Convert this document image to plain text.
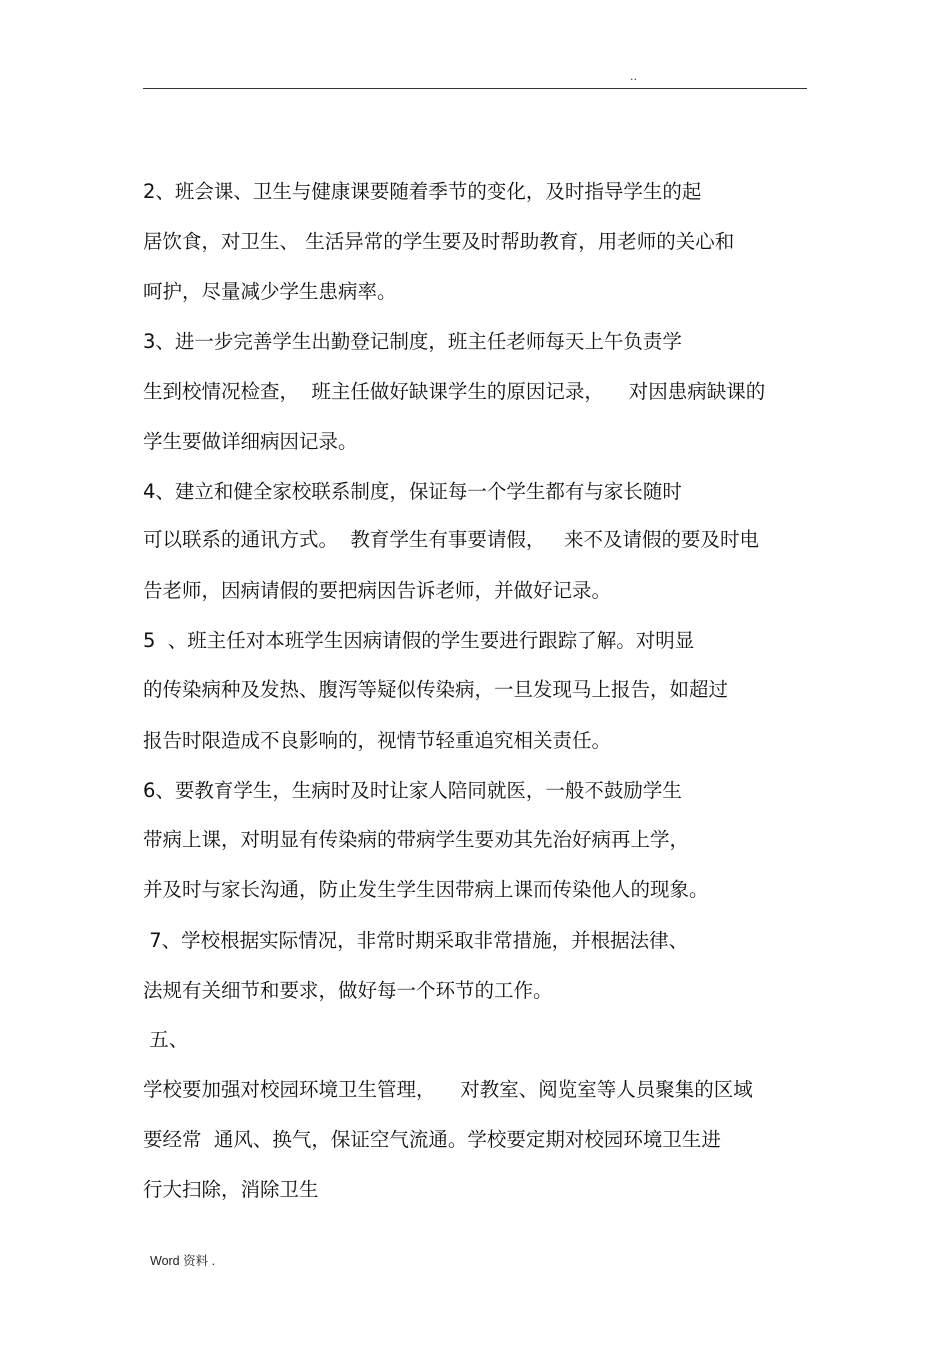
..
2、班会课、卫生与健康课要随着季节的变化，及时指导学生的起
居饮食，对卫生、 生活异常的学生要及时帮助教育，用老师的关心和
呵护，尽量减少学生患病率。
3、进一步完善学生出勤登记制度，班主任老师每天上午负责学
生到校情况检查，  班主任做好缺课学生的原因记录，    对因患病缺课的
学生要做详细病因记录。
4、建立和健全家校联系制度，保证每一个学生都有与家长随时
可以联系的通讯方式。  教育学生有事要请假，   来不及请假的要及时电
告老师，因病请假的要把病因告诉老师，并做好记录。
5  、班主任对本班学生因病请假的学生要进行跟踪了解。对明显
的传染病种及发热、腹泻等疑似传染病，一旦发现马上报告，如超过
报告时限造成不良影响的，视情节轻重追究相关责任。
6、要教育学生，生病时及时让家人陪同就医，一般不鼓励学生
带病上课，对明显有传染病的带病学生要劝其先治好病再上学，
并及时与家长沟通，防止发生学生因带病上课而传染他人的现象。
7、学校根据实际情况，非常时期采取非常措施，并根据法律、
法规有关细节和要求，做好每一个环节的工作。
五、
学校要加强对校园环境卫生管理，    对教室、阅览室等人员聚集的区域
要经常  通风、换气，保证空气流通。学校要定期对校园环境卫生进
行大扫除，消除卫生
Word 资料 .
